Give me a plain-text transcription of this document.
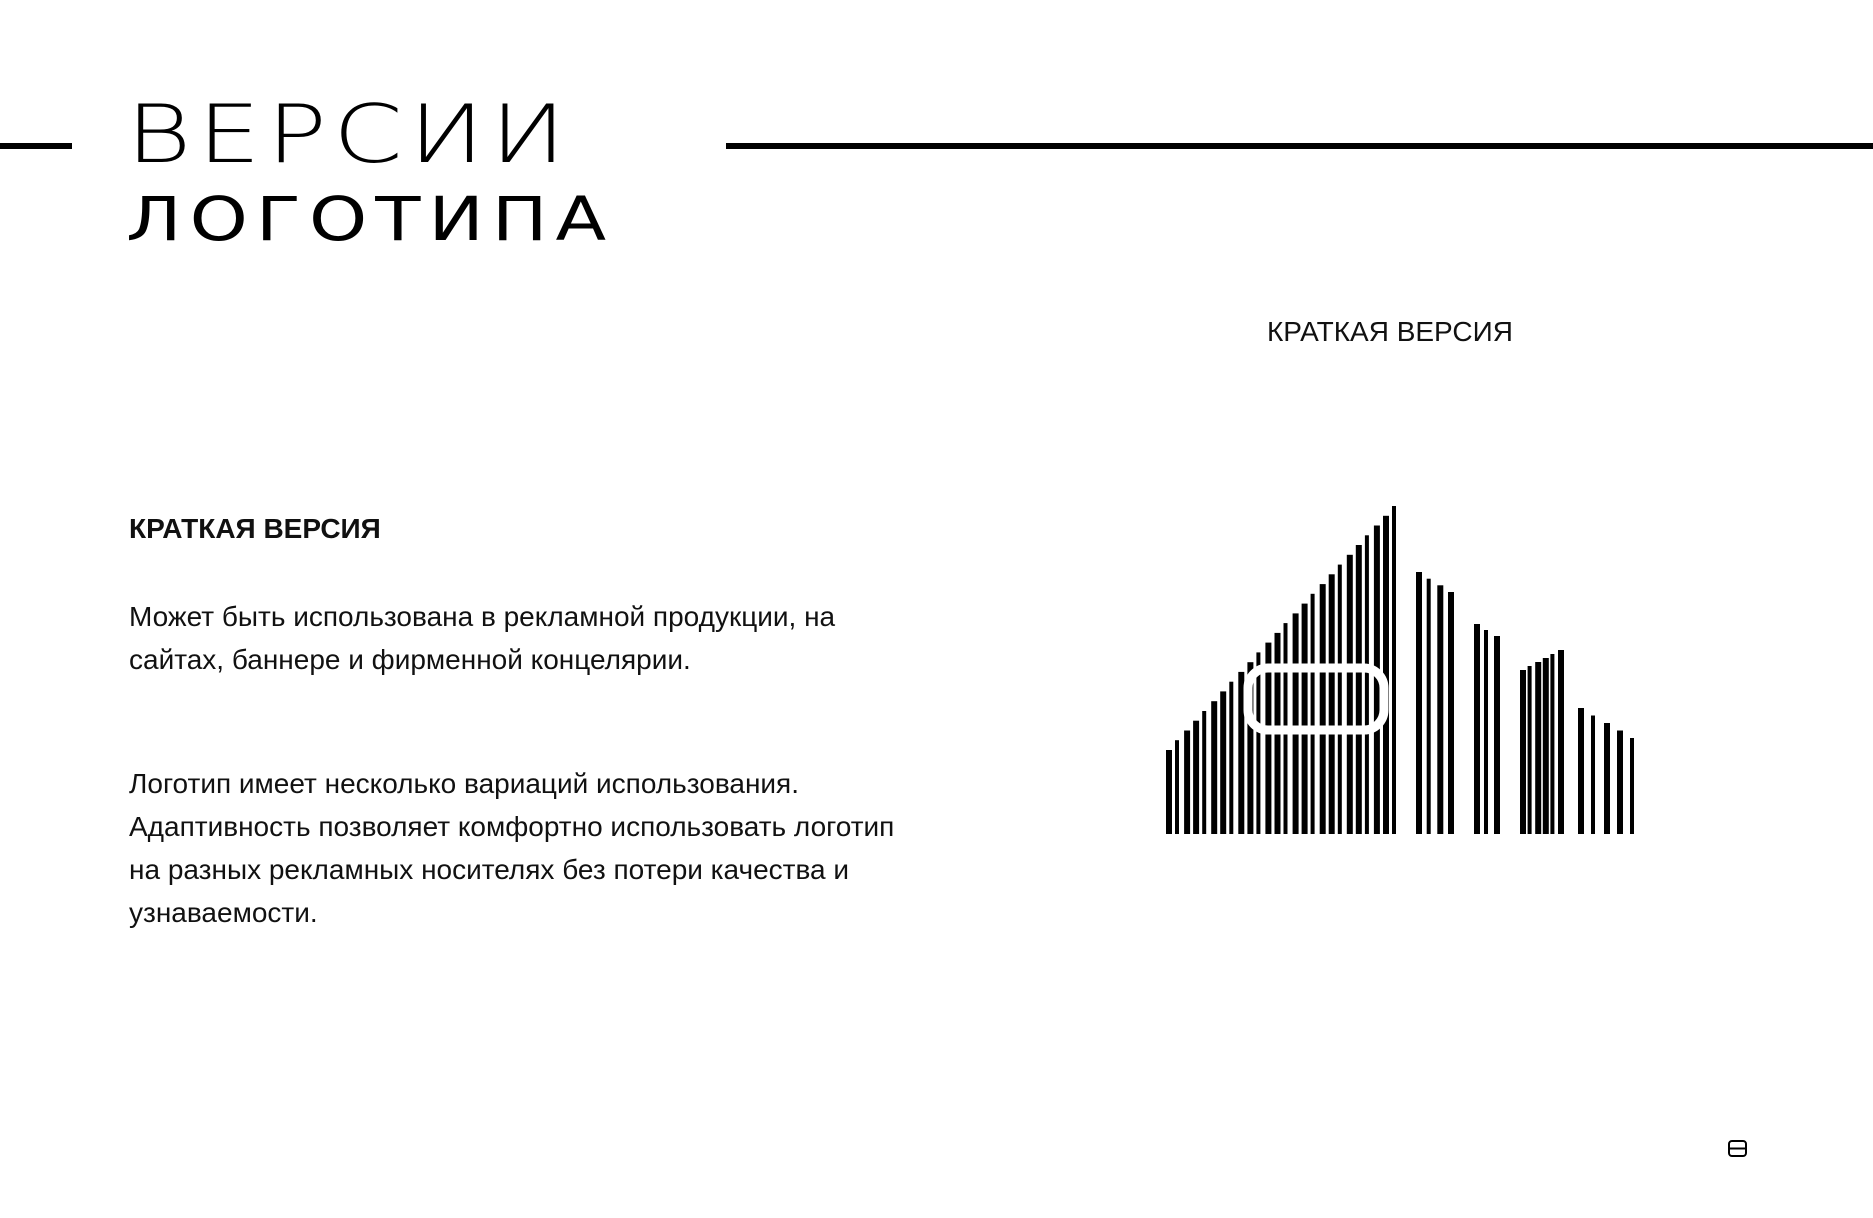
ВЕРСИИ
ЛОГОТИПА
КРАТКАЯ ВЕРСИЯ
КРАТКАЯ ВЕРСИЯ

Может быть использована в рекламной продукции, на сайтах, баннере и фирменной концелярии.

Логотип имеет несколько вариаций использования. Адаптивность позволяет комфортно использовать логотип на разных рекламных носителях без потери качества и узнаваемости.
